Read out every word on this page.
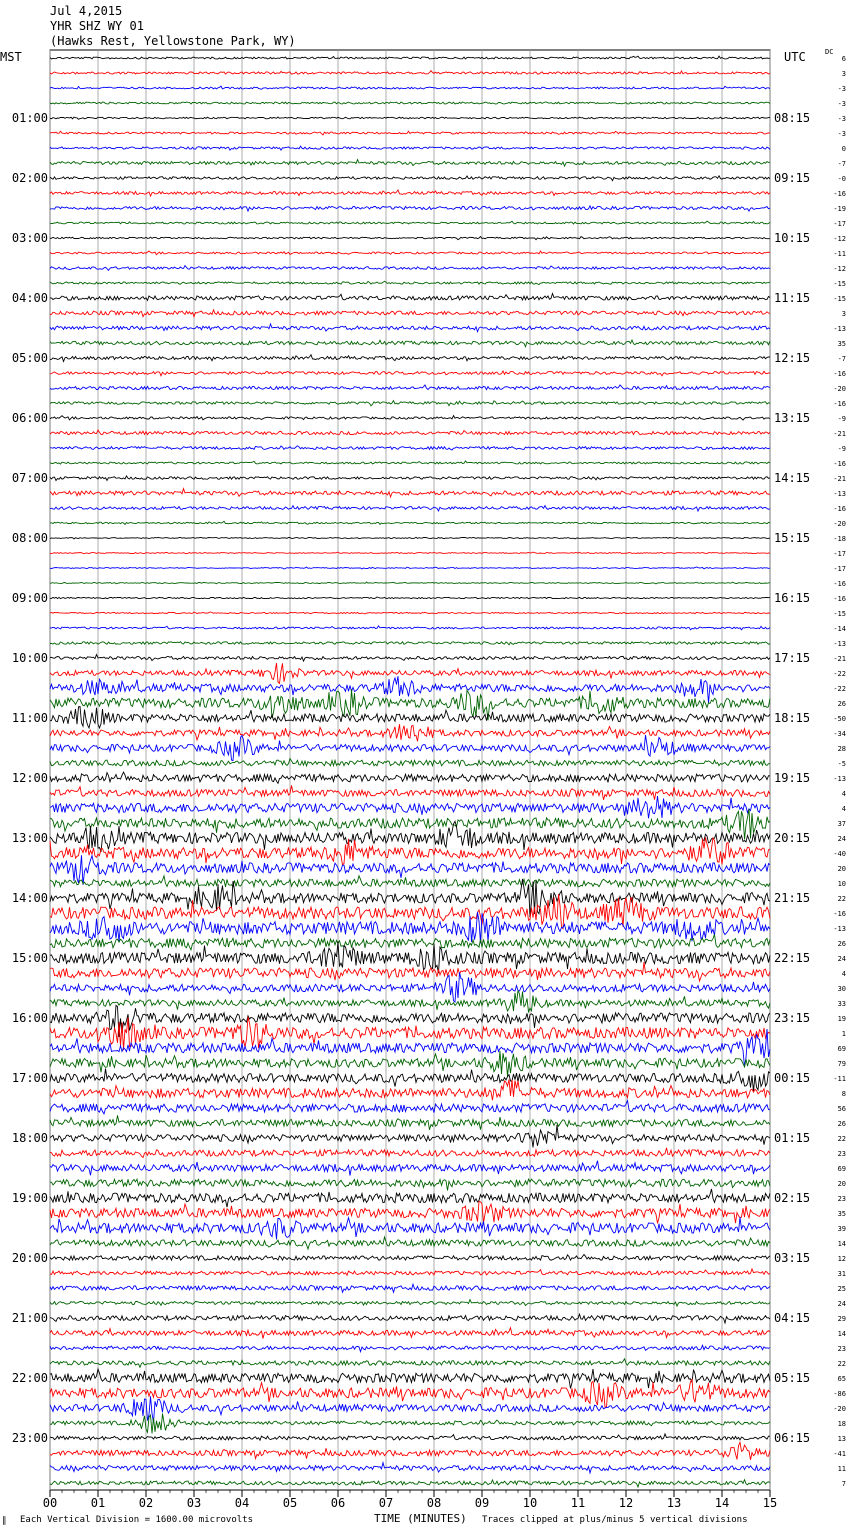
Jul 4,2015
YHR SHZ WY 01
(Hawks Rest, Yellowstone Park, WY)
MST	UTC	DC
00	01	02	03	04	05	06	07	08	09	10	11	12	13	14	15
6
3
-3
-3
-3
01:00	08:15
-3
0
-7
-0
02:00	09:15
-16
-19
-17
-12
03:00	10:15
-11
-12
-15
-15
04:00	11:15
3
-13
35
-7
05:00	12:15
-16
-20
-16
-9
06:00	13:15
-21
-9
-16
-21
07:00	14:15
-13
-16
-20
-18
08:00	15:15
-17
-17
-16
-16
09:00	16:15
-15
-14
-13
-21
10:00	17:15
-22
-22
26
-50
11:00	18:15
-34
28
-5
-13
12:00	19:15
4
4
37
24
13:00	20:15
-40
20
10
22
14:00	21:15
-16
-13
26
24
15:00	22:15
4
30
33
19
16:00	23:15
1
69
79
-11
17:00	00:15
8
56
26
22
18:00	01:15
23
69
20
23
19:00	02:15
35
39
14
12
20:00	03:15
31
25
24
29
21:00	04:15
14
23
22
65
22:00	05:15
-86
-20
18
13
23:00	06:15
-41
11
7
∥ Each Vertical Division = 1600.00 microvolts	TIME (MINUTES) Traces clipped at plus/minus 5 vertical divisions
